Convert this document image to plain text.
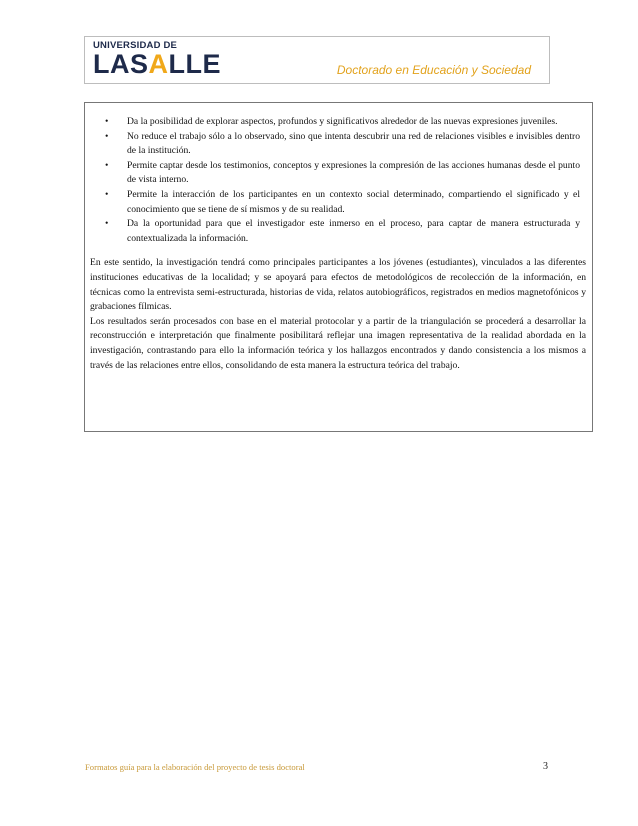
UNIVERSIDAD DE
LASALLE	Doctorado en Educación y Sociedad
• Da la posibilidad de explorar aspectos, profundos y significativos alrededor de las nuevas expresiones juveniles.
• No reduce el trabajo sólo a lo observado, sino que intenta descubrir una red de relaciones visibles e invisibles dentro de la institución.
• Permite captar desde los testimonios, conceptos y expresiones la compresión de las acciones humanas desde el punto de vista interno.
• Permite la interacción de los participantes en un contexto social determinado, compartiendo el significado y el conocimiento que se tiene de sí mismos y de su realidad.
• Da la oportunidad para que el investigador este inmerso en el proceso, para captar de manera estructurada y contextualizada la información.

En este sentido, la investigación tendrá como principales participantes a los jóvenes (estudiantes), vinculados a las diferentes instituciones educativas de la localidad; y se apoyará para efectos de metodológicos de recolección de la información, en técnicas como la entrevista semi-estructurada, historias de vida, relatos autobiográficos, registrados en medios magnetofónicos y grabaciones fílmicas.

Los resultados serán procesados con base en el material protocolar y a partir de la triangulación se procederá a desarrollar la reconstrucción e interpretación que finalmente posibilitará reflejar una imagen representativa de la realidad abordada en la investigación, contrastando para ello la información teórica y los hallazgos encontrados y dando consistencia a los mismos a través de las relaciones entre ellos, consolidando de esta manera la estructura teórica del trabajo.

Formatos guía para la elaboración del proyecto de tesis doctoral	3
